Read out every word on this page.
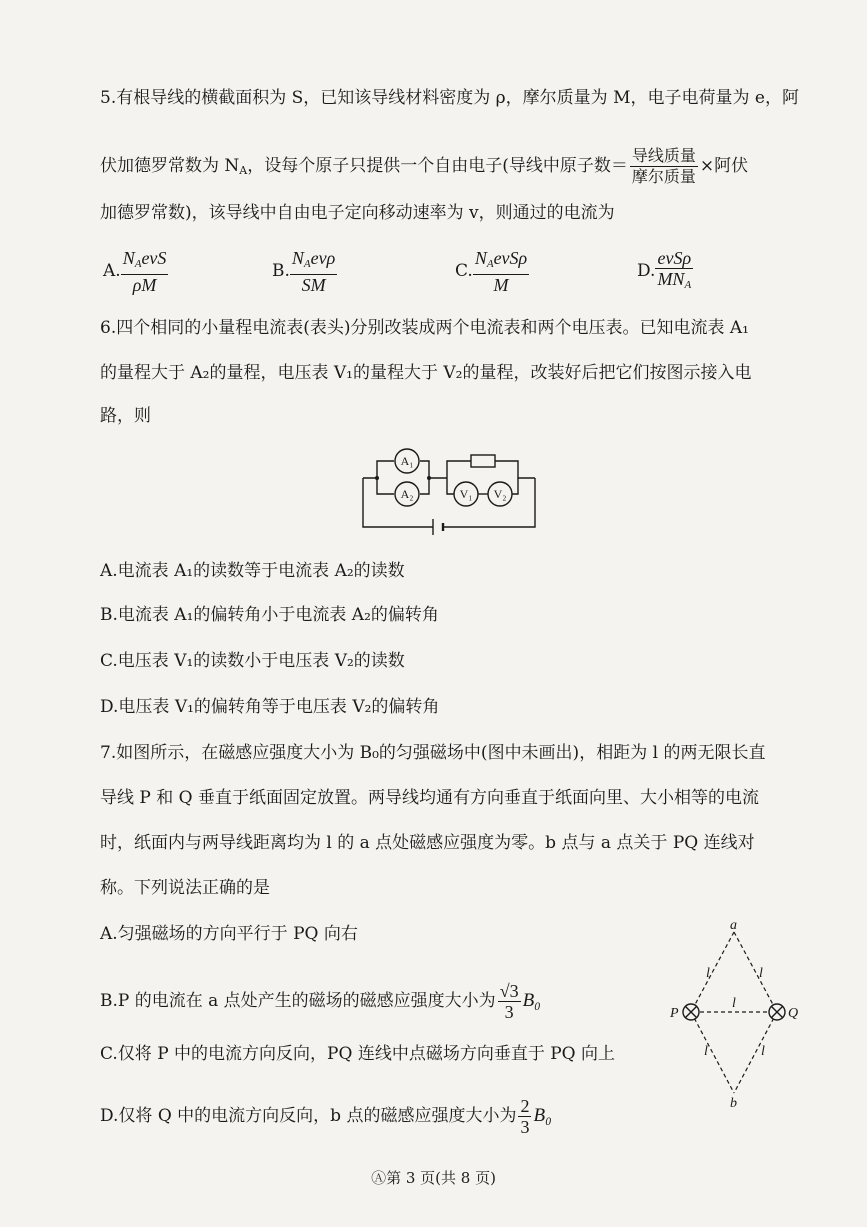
5.有根导线的横截面积为 S，已知该导线材料密度为 ρ，摩尔质量为 M，电子电荷量为 e，阿
伏加德罗常数为 $N_A$，设每个原子只提供一个自由电子(导线中原子数＝ $\frac{\text{导线质量}}{\text{摩尔质量}}$ ×阿伏
加德罗常数)，该导线中自由电子定向移动速率为 v，则通过的电流为
A. $\frac{N_AevS}{\rho M}$	B. $\frac{N_Aev\rho}{SM}$	C. $\frac{N_AevS\rho}{M}$	D. $\frac{\text{evSρ}}{MN_A}$
6.四个相同的小量程电流表(表头)分别改装成两个电流表和两个电压表。已知电流表 A₁
的量程大于 A₂的量程，电压表 V₁的量程大于 V₂的量程，改装好后把它们按图示接入电
路，则
A₁
A₂	V₁ V₂
A.电流表 A₁的读数等于电流表 A₂的读数
B.电流表 A₁的偏转角小于电流表 A₂的偏转角
C.电压表 V₁的读数小于电压表 V₂的读数
D.电压表 V₁的偏转角等于电压表 V₂的偏转角
7.如图所示，在磁感应强度大小为 B₀的匀强磁场中(图中未画出)，相距为 l 的两无限长直
导线 P 和 Q 垂直于纸面固定放置。两导线均通有方向垂直于纸面向里、大小相等的电流
时，纸面内与两导线距离均为 l 的 a 点处磁感应强度为零。b 点与 a 点关于 PQ 连线对
称。下列说法正确的是
A.匀强磁场的方向平行于 PQ 向右
B.P 的电流在 a 点处产生的磁场的磁感应强度大小为 $\frac{√3}{3} B_0$
C.仅将 P 中的电流方向反向，PQ 连线中点磁场方向垂直于 PQ 向上
D.仅将 Q 中的电流方向反向，b 点的磁感应强度大小为 $\frac{2}{3} B_0$
a
b
P	Q
l	l
l
l	l
Ⓐ第 3 页(共 8 页)
